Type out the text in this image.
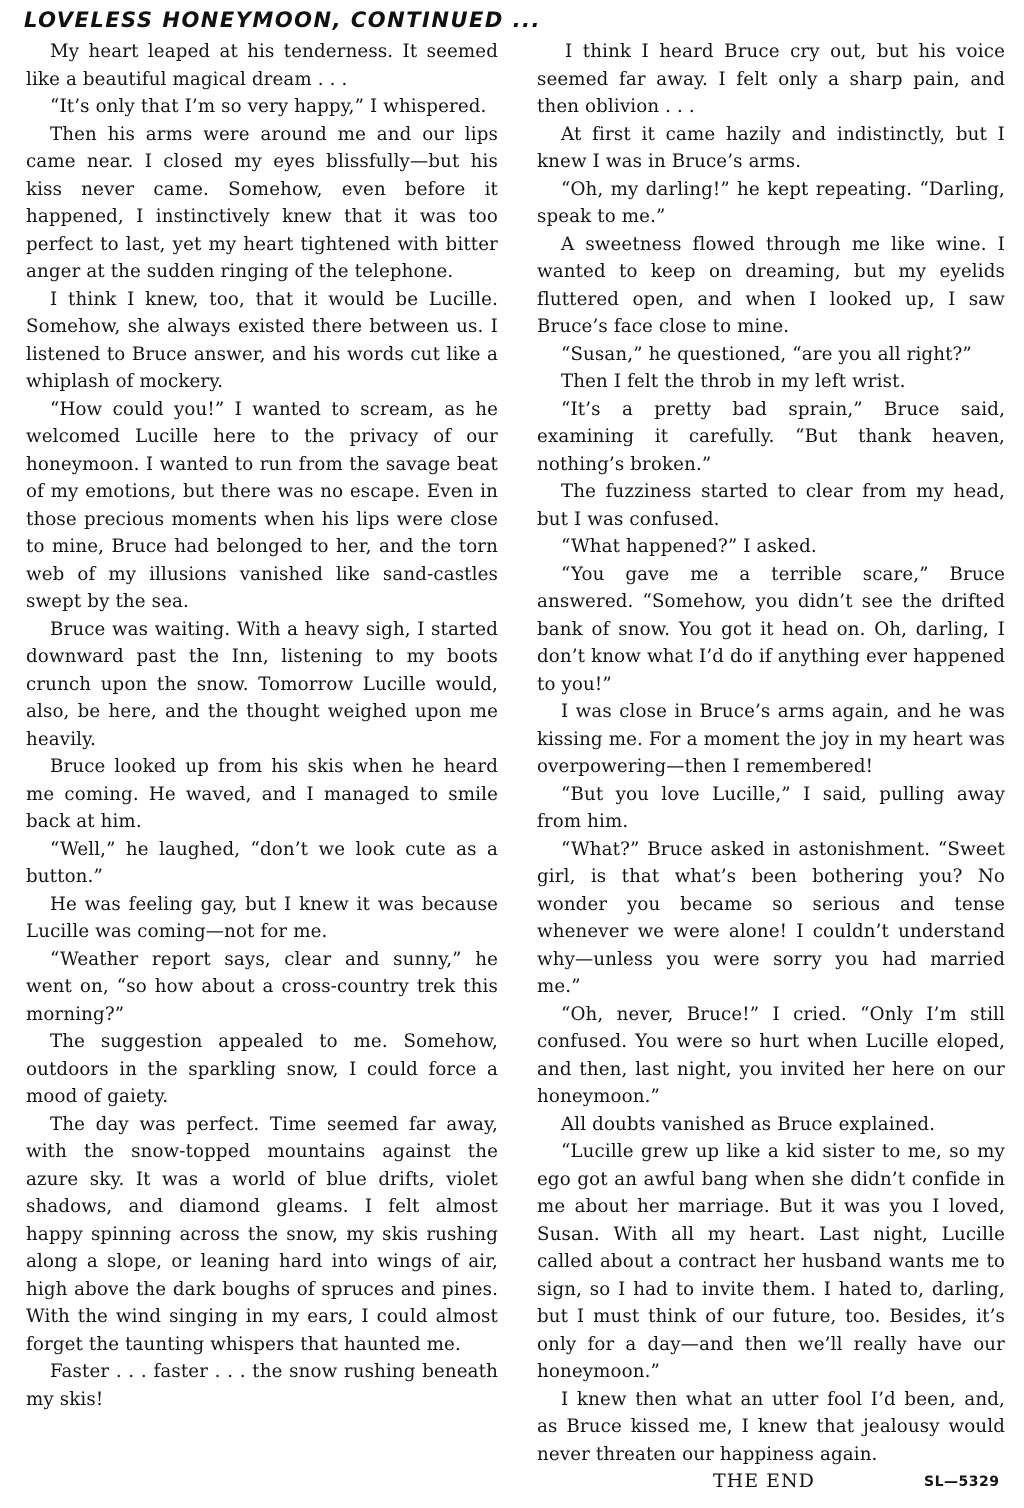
LOVELESS HONEYMOON, CONTINUED ...

My heart leaped at his tenderness. It seemed like a beautiful magical dream . . .

“It’s only that I’m so very happy,” I whispered.

Then his arms were around me and our lips came near. I closed my eyes blissfully—but his kiss never came. Somehow, even before it happened, I instinctively knew that it was too perfect to last, yet my heart tightened with bitter anger at the sudden ringing of the telephone.

I think I knew, too, that it would be Lucille. Somehow, she always existed there between us. I listened to Bruce answer, and his words cut like a whiplash of mockery.

“How could you!” I wanted to scream, as he welcomed Lucille here to the privacy of our honeymoon. I wanted to run from the savage beat of my emotions, but there was no escape. Even in those precious moments when his lips were close to mine, Bruce had belonged to her, and the torn web of my illusions vanished like sand-castles swept by the sea.

Bruce was waiting. With a heavy sigh, I started downward past the Inn, listening to my boots crunch upon the snow. Tomorrow Lucille would, also, be here, and the thought weighed upon me heavily.

Bruce looked up from his skis when he heard me coming. He waved, and I managed to smile back at him.

“Well,” he laughed, “don’t we look cute as a button.”

He was feeling gay, but I knew it was because Lucille was coming—not for me.

“Weather report says, clear and sunny,” he went on, “so how about a cross-country trek this morning?”

The suggestion appealed to me. Somehow, outdoors in the sparkling snow, I could force a mood of gaiety.

The day was perfect. Time seemed far away, with the snow-topped mountains against the azure sky. It was a world of blue drifts, violet shadows, and diamond gleams. I felt almost happy spinning across the snow, my skis rushing along a slope, or leaning hard into wings of air, high above the dark boughs of spruces and pines. With the wind singing in my ears, I could almost forget the taunting whispers that haunted me.

Faster . . . faster . . . the snow rushing beneath my skis!

I think I heard Bruce cry out, but his voice seemed far away. I felt only a sharp pain, and then oblivion . . .

At first it came hazily and indistinctly, but I knew I was in Bruce’s arms.

“Oh, my darling!” he kept repeating. “Darling, speak to me.”

A sweetness flowed through me like wine. I wanted to keep on dreaming, but my eyelids fluttered open, and when I looked up, I saw Bruce’s face close to mine.

“Susan,” he questioned, “are you all right?”

Then I felt the throb in my left wrist.

“It’s a pretty bad sprain,” Bruce said, examining it carefully. “But thank heaven, nothing’s broken.”

The fuzziness started to clear from my head, but I was confused.

“What happened?” I asked.

“You gave me a terrible scare,” Bruce answered. “Somehow, you didn’t see the drifted bank of snow. You got it head on. Oh, darling, I don’t know what I’d do if anything ever happened to you!”

I was close in Bruce’s arms again, and he was kissing me. For a moment the joy in my heart was overpowering—then I remembered!

“But you love Lucille,” I said, pulling away from him.

“What?” Bruce asked in astonishment. “Sweet girl, is that what’s been bothering you? No wonder you became so serious and tense whenever we were alone! I couldn’t understand why—unless you were sorry you had married me.”

“Oh, never, Bruce!” I cried. “Only I’m still confused. You were so hurt when Lucille eloped, and then, last night, you invited her here on our honeymoon.”

All doubts vanished as Bruce explained.

“Lucille grew up like a kid sister to me, so my ego got an awful bang when she didn’t confide in me about her marriage. But it was you I loved, Susan. With all my heart. Last night, Lucille called about a contract her husband wants me to sign, so I had to invite them. I hated to, darling, but I must think of our future, too. Besides, it’s only for a day—and then we’ll really have our honeymoon.”

I knew then what an utter fool I’d been, and, as Bruce kissed me, I knew that jealousy would never threaten our happiness again.

THE END	SL—5329
